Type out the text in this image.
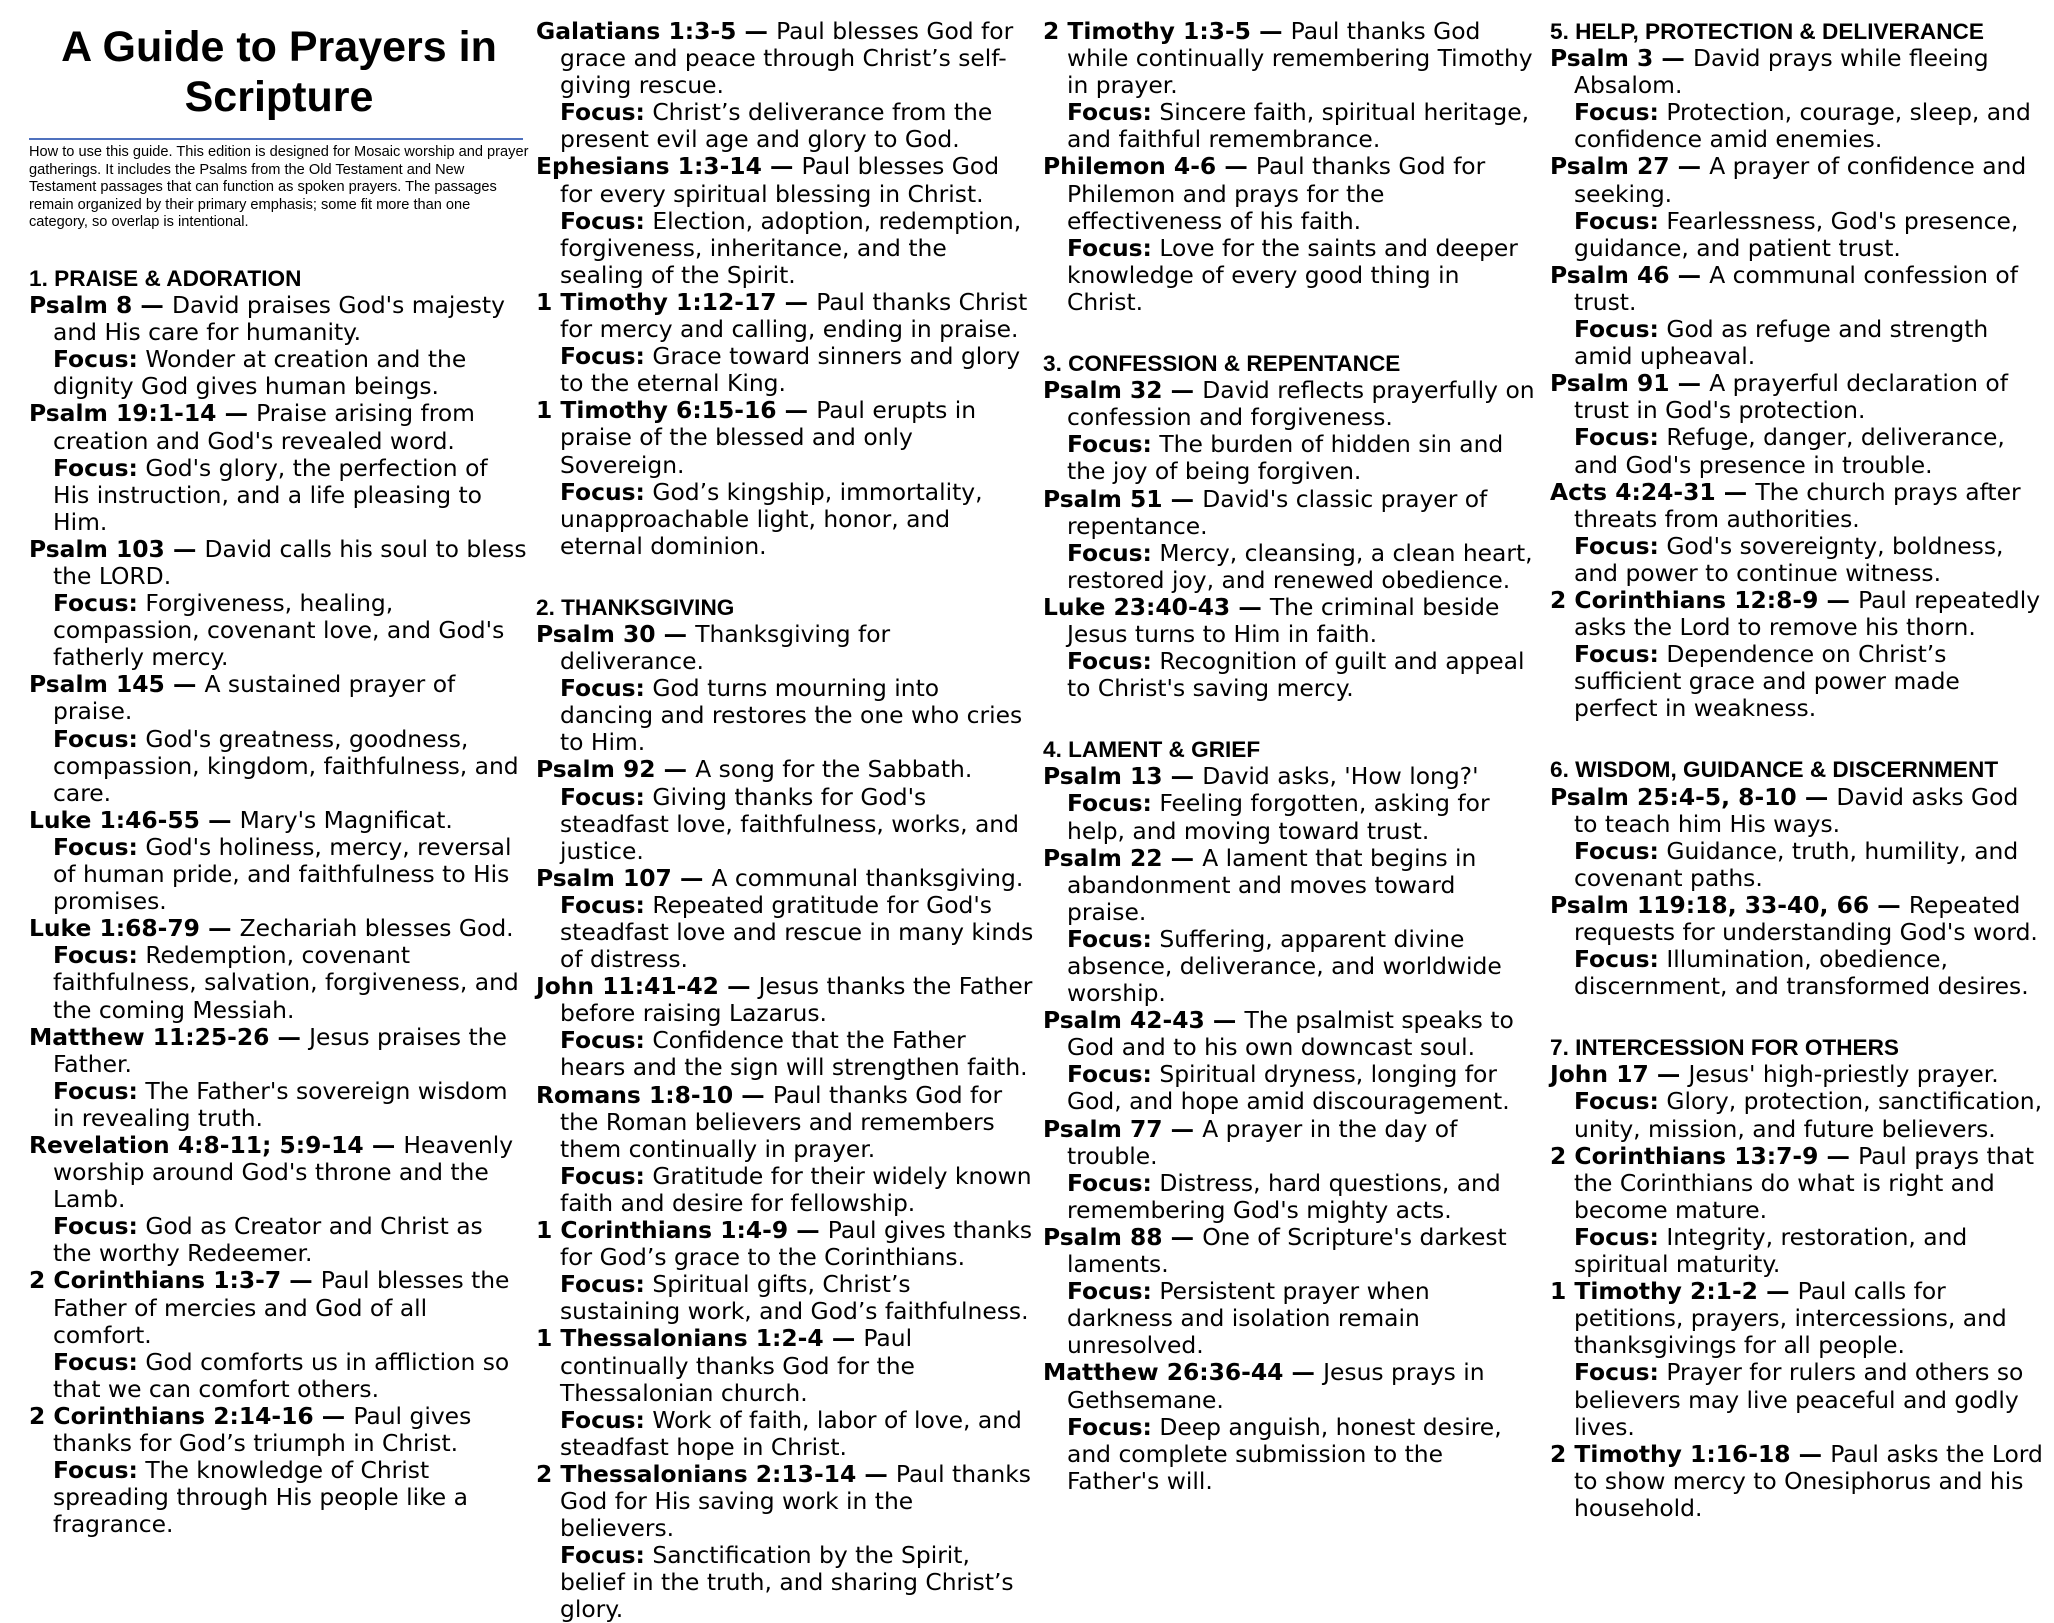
A Guide to Prayers in Scripture
How to use this guide. This edition is designed for Mosaic worship and prayer gatherings. It includes the Psalms from the Old Testament and New Testament passages that can function as spoken prayers. The passages remain organized by their primary emphasis; some fit more than one category, so overlap is intentional.
1. PRAISE & ADORATION
Psalm 8 — David praises God's majesty and His care for humanity.
Focus: Wonder at creation and the dignity God gives human beings.
Psalm 19:1-14 — Praise arising from creation and God's revealed word.
Focus: God's glory, the perfection of His instruction, and a life pleasing to Him.
Psalm 103 — David calls his soul to bless the LORD.
Focus: Forgiveness, healing, compassion, covenant love, and God's fatherly mercy.
Psalm 145 — A sustained prayer of praise.
Focus: God's greatness, goodness, compassion, kingdom, faithfulness, and care.
Luke 1:46-55 — Mary's Magnificat.
Focus: God's holiness, mercy, reversal of human pride, and faithfulness to His promises.
Luke 1:68-79 — Zechariah blesses God.
Focus: Redemption, covenant faithfulness, salvation, forgiveness, and the coming Messiah.
Matthew 11:25-26 — Jesus praises the Father.
Focus: The Father's sovereign wisdom in revealing truth.
Revelation 4:8-11; 5:9-14 — Heavenly worship around God's throne and the Lamb.
Focus: God as Creator and Christ as the worthy Redeemer.
2 Corinthians 1:3-7 — Paul blesses the Father of mercies and God of all comfort.
Focus: God comforts us in affliction so that we can comfort others.
2 Corinthians 2:14-16 — Paul gives thanks for God’s triumph in Christ.
Focus: The knowledge of Christ spreading through His people like a fragrance.
Galatians 1:3-5 — Paul blesses God for grace and peace through Christ’s self-giving rescue.
Focus: Christ’s deliverance from the present evil age and glory to God.
Ephesians 1:3-14 — Paul blesses God for every spiritual blessing in Christ.
Focus: Election, adoption, redemption, forgiveness, inheritance, and the sealing of the Spirit.
1 Timothy 1:12-17 — Paul thanks Christ for mercy and calling, ending in praise.
Focus: Grace toward sinners and glory to the eternal King.
1 Timothy 6:15-16 — Paul erupts in praise of the blessed and only Sovereign.
Focus: God’s kingship, immortality, unapproachable light, honor, and eternal dominion.
2. THANKSGIVING
Psalm 30 — Thanksgiving for deliverance.
Focus: God turns mourning into dancing and restores the one who cries to Him.
Psalm 92 — A song for the Sabbath.
Focus: Giving thanks for God's steadfast love, faithfulness, works, and justice.
Psalm 107 — A communal thanksgiving.
Focus: Repeated gratitude for God's steadfast love and rescue in many kinds of distress.
John 11:41-42 — Jesus thanks the Father before raising Lazarus.
Focus: Confidence that the Father hears and the sign will strengthen faith.
Romans 1:8-10 — Paul thanks God for the Roman believers and remembers them continually in prayer.
Focus: Gratitude for their widely known faith and desire for fellowship.
1 Corinthians 1:4-9 — Paul gives thanks for God’s grace to the Corinthians.
Focus: Spiritual gifts, Christ’s sustaining work, and God’s faithfulness.
1 Thessalonians 1:2-4 — Paul continually thanks God for the Thessalonian church.
Focus: Work of faith, labor of love, and steadfast hope in Christ.
2 Thessalonians 2:13-14 — Paul thanks God for His saving work in the believers.
Focus: Sanctification by the Spirit, belief in the truth, and sharing Christ’s glory.
2 Timothy 1:3-5 — Paul thanks God while continually remembering Timothy in prayer.
Focus: Sincere faith, spiritual heritage, and faithful remembrance.
Philemon 4-6 — Paul thanks God for Philemon and prays for the effectiveness of his faith.
Focus: Love for the saints and deeper knowledge of every good thing in Christ.
3. CONFESSION & REPENTANCE
Psalm 32 — David reflects prayerfully on confession and forgiveness.
Focus: The burden of hidden sin and the joy of being forgiven.
Psalm 51 — David's classic prayer of repentance.
Focus: Mercy, cleansing, a clean heart, restored joy, and renewed obedience.
Luke 23:40-43 — The criminal beside Jesus turns to Him in faith.
Focus: Recognition of guilt and appeal to Christ's saving mercy.
4. LAMENT & GRIEF
Psalm 13 — David asks, 'How long?'
Focus: Feeling forgotten, asking for help, and moving toward trust.
Psalm 22 — A lament that begins in abandonment and moves toward praise.
Focus: Suffering, apparent divine absence, deliverance, and worldwide worship.
Psalm 42-43 — The psalmist speaks to God and to his own downcast soul.
Focus: Spiritual dryness, longing for God, and hope amid discouragement.
Psalm 77 — A prayer in the day of trouble.
Focus: Distress, hard questions, and remembering God's mighty acts.
Psalm 88 — One of Scripture's darkest laments.
Focus: Persistent prayer when darkness and isolation remain unresolved.
Matthew 26:36-44 — Jesus prays in Gethsemane.
Focus: Deep anguish, honest desire, and complete submission to the Father's will.
5. HELP, PROTECTION & DELIVERANCE
Psalm 3 — David prays while fleeing Absalom.
Focus: Protection, courage, sleep, and confidence amid enemies.
Psalm 27 — A prayer of confidence and seeking.
Focus: Fearlessness, God's presence, guidance, and patient trust.
Psalm 46 — A communal confession of trust.
Focus: God as refuge and strength amid upheaval.
Psalm 91 — A prayerful declaration of trust in God's protection.
Focus: Refuge, danger, deliverance, and God's presence in trouble.
Acts 4:24-31 — The church prays after threats from authorities.
Focus: God's sovereignty, boldness, and power to continue witness.
2 Corinthians 12:8-9 — Paul repeatedly asks the Lord to remove his thorn.
Focus: Dependence on Christ’s sufficient grace and power made perfect in weakness.
6. WISDOM, GUIDANCE & DISCERNMENT
Psalm 25:4-5, 8-10 — David asks God to teach him His ways.
Focus: Guidance, truth, humility, and covenant paths.
Psalm 119:18, 33-40, 66 — Repeated requests for understanding God's word.
Focus: Illumination, obedience, discernment, and transformed desires.
7. INTERCESSION FOR OTHERS
John 17 — Jesus' high-priestly prayer.
Focus: Glory, protection, sanctification, unity, mission, and future believers.
2 Corinthians 13:7-9 — Paul prays that the Corinthians do what is right and become mature.
Focus: Integrity, restoration, and spiritual maturity.
1 Timothy 2:1-2 — Paul calls for petitions, prayers, intercessions, and thanksgivings for all people.
Focus: Prayer for rulers and others so believers may live peaceful and godly lives.
2 Timothy 1:16-18 — Paul asks the Lord to show mercy to Onesiphorus and his household.
